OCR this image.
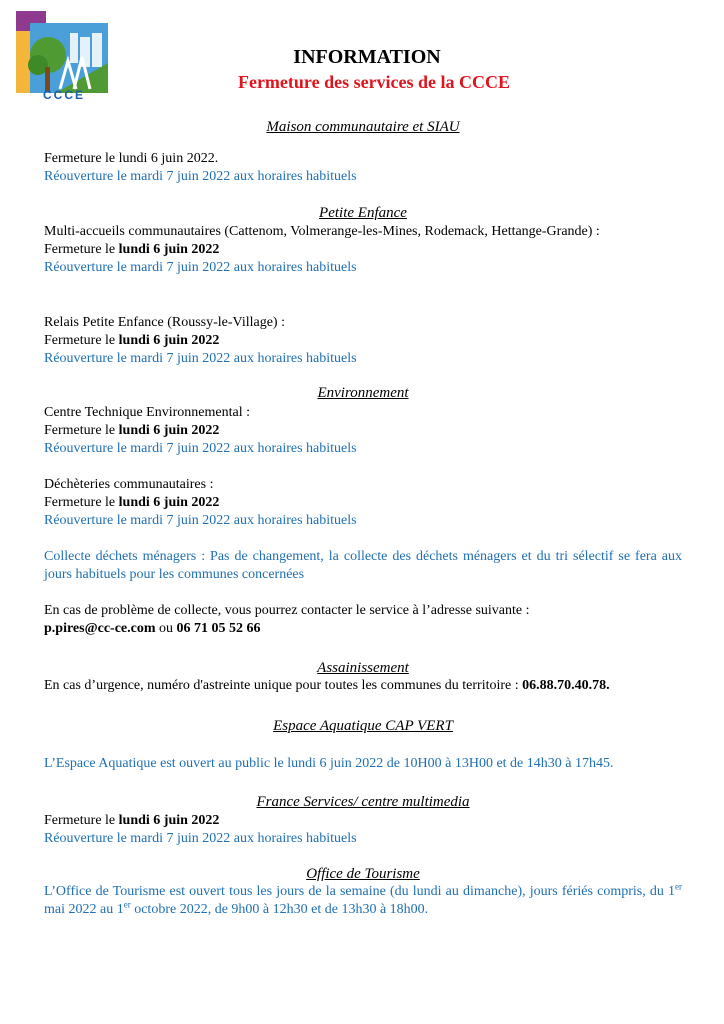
CCCE
INFORMATION
Fermeture des services de la CCCE
Maison communautaire et SIAU
Fermeture le lundi 6 juin 2022.
Réouverture le mardi 7 juin 2022 aux horaires habituels
Petite Enfance
Multi-accueils communautaires (Cattenom, Volmerange-les-Mines, Rodemack, Hettange-Grande) :
Fermeture le lundi 6 juin 2022
Réouverture le mardi 7 juin 2022 aux horaires habituels
Relais Petite Enfance (Roussy-le-Village) :
Fermeture le lundi 6 juin 2022
Réouverture le mardi 7 juin 2022 aux horaires habituels
Environnement
Centre Technique Environnemental :
Fermeture le lundi 6 juin 2022
Réouverture le mardi 7 juin 2022 aux horaires habituels
Déchèteries communautaires :
Fermeture le lundi 6 juin 2022
Réouverture le mardi 7 juin 2022 aux horaires habituels
Collecte déchets ménagers : Pas de changement, la collecte des déchets ménagers et du tri sélectif se fera aux jours habituels pour les communes concernées
En cas de problème de collecte, vous pourrez contacter le service à l’adresse suivante :
p.pires@cc-ce.com ou 06 71 05 52 66
Assainissement
En cas d’urgence, numéro d'astreinte unique pour toutes les communes du territoire : 06.88.70.40.78.
Espace Aquatique CAP VERT
L’Espace Aquatique est ouvert au public le lundi 6 juin 2022 de 10H00 à 13H00 et de 14h30 à 17h45.
France Services/ centre multimedia
Fermeture le lundi 6 juin 2022
Réouverture le mardi 7 juin 2022 aux horaires habituels
Office de Tourisme
L’Office de Tourisme est ouvert tous les jours de la semaine (du lundi au dimanche), jours fériés compris, du 1er mai 2022 au 1er octobre 2022, de 9h00 à 12h30 et de 13h30 à 18h00.
